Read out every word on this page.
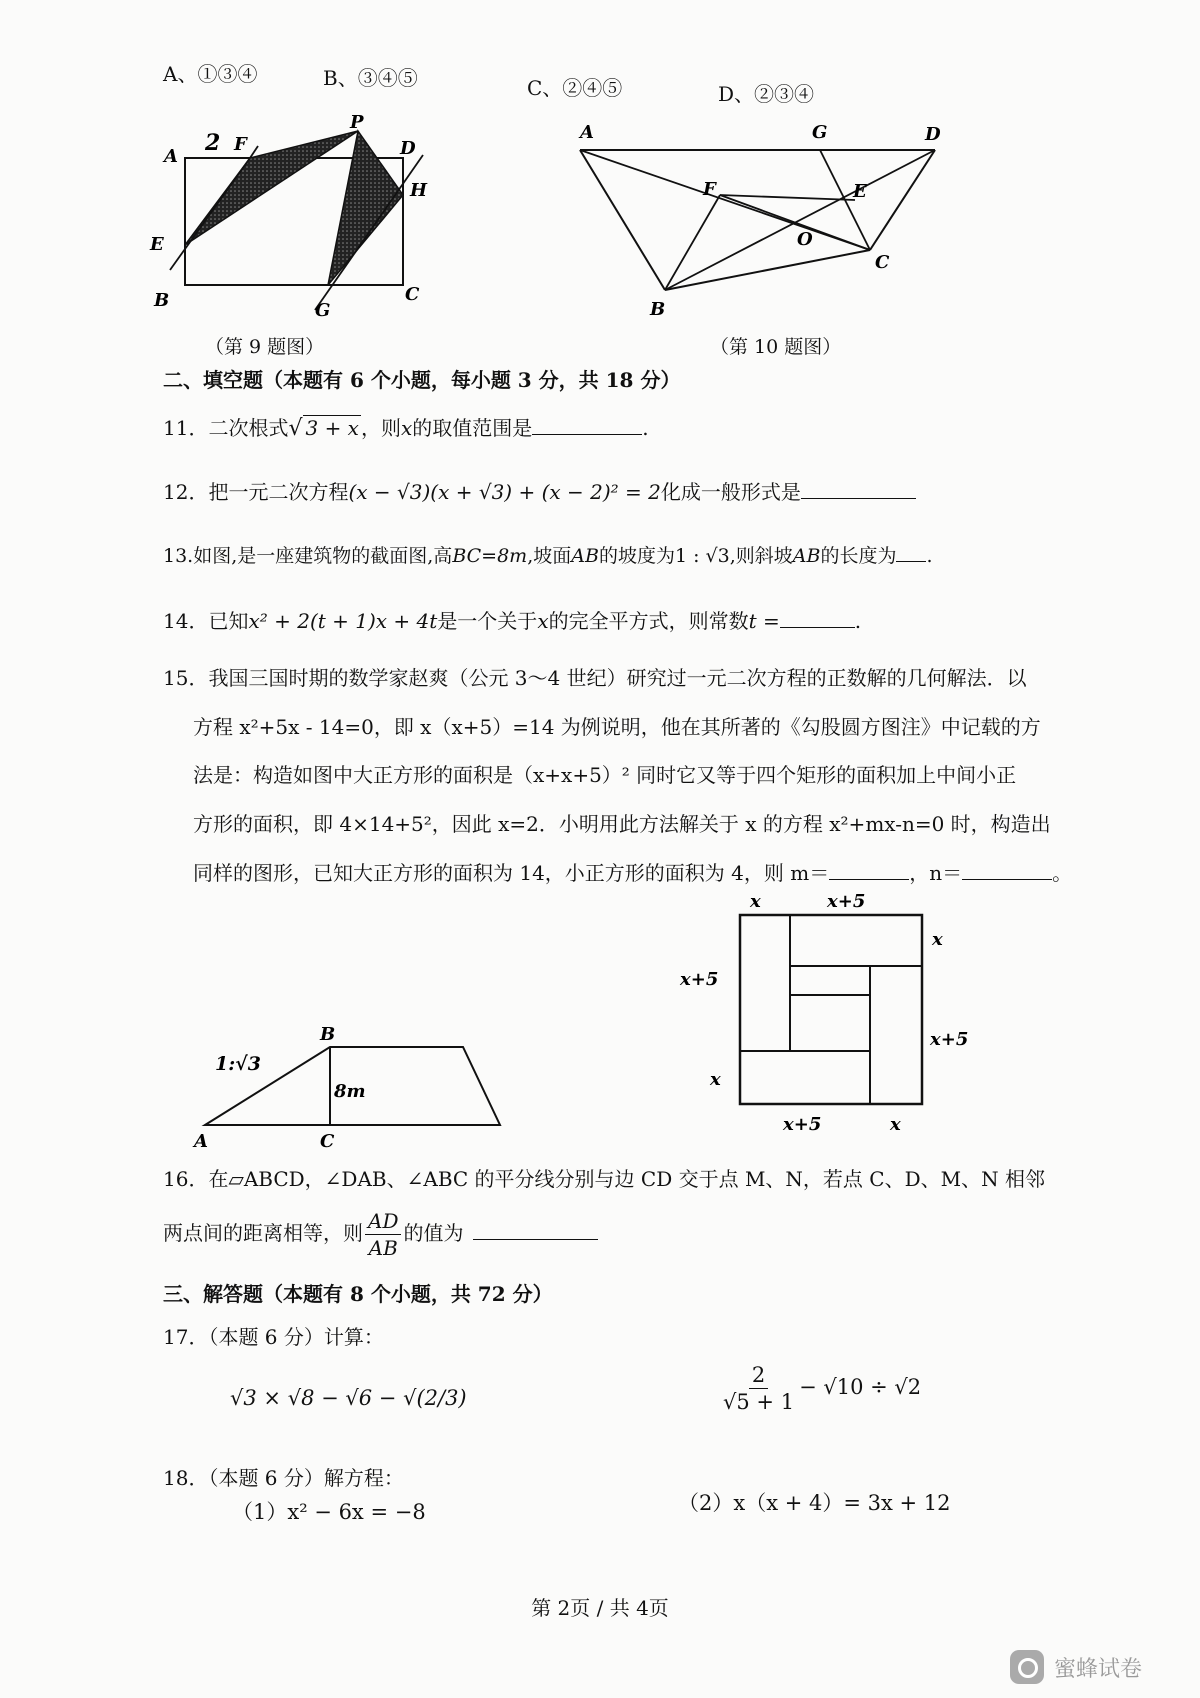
A、①③④	B、③④⑤	C、②④⑤	D、②③④
A
2 F
P
D
H
E
B	G
C
（第 9 题图）
A	G	D
F	E
O
C
B
（第 10 题图）
二、填空题（本题有 6 个小题，每小题 3 分，共 18 分）
11．二次根式√ 3 + x ，则x的取值范围是	.
12．把一元二次方程(x − √3)(x + √3) + (x − 2)² = 2化成一般形式是
13.如图,是一座建筑物的截面图,高BC=8m,坡面AB的坡度为1 : √3,则斜坡AB的长度为 .
14．已知x² + 2(t + 1)x + 4t是一个关于x的完全平方式，则常数t =	.
15．我国三国时期的数学家赵爽（公元 3～4 世纪）研究过一元二次方程的正数解的几何解法．以
方程 x²+5x - 14=0，即 x（x+5）=14 为例说明，他在其所著的《勾股圆方图注》中记载的方
法是：构造如图中大正方形的面积是（x+x+5）² 同时它又等于四个矩形的面积加上中间小正
方形的面积，即 4×14+5²，因此 x=2．小明用此方法解关于 x 的方程 x²+mx-n=0 时，构造出
同样的图形，已知大正方形的面积为 14，小正方形的面积为 4，则 m＝	，n＝	。
1:√3
B
8m
A	C
x	x+5
x
x+5
x+5
x
x+5	x
16．在▱ABCD，∠DAB、∠ABC 的平分线分别与边 CD 交于点 M、N，若点 C、D、M、N 相邻
两点间的距离相等，则 $\frac{AD}{AB}$ 的值为
三、解答题（本题有 8 个小题，共 72 分）
17．（本题 6 分）计算：
√3 × √8 − √6 − √(2/3)	$\frac{2}{√5 + 1} - √10 \div √2$
18．（本题 6 分）解方程：
（1）x² − 6x = −8	（2）x（x + 4）= 3x + 12
第 2页 / 共 4页
蜜蜂试卷
